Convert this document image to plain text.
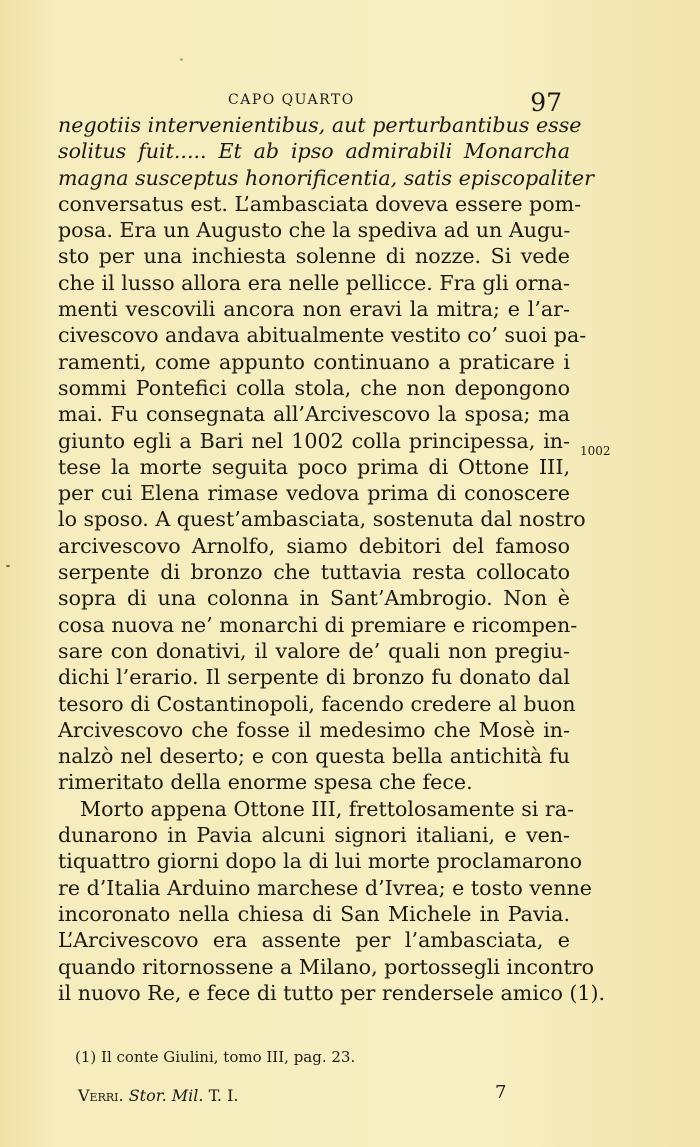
CAPO QUARTO	97
negotiis intervenientibus, aut perturbantibus esse
solitus fuit..... Et ab ipso admirabili Monarcha
magna susceptus honorificentia, satis episcopaliter
conversatus est. L’ambasciata doveva essere pom-
posa. Era un Augusto che la spediva ad un Augu-
sto per una inchiesta solenne di nozze. Si vede
che il lusso allora era nelle pellicce. Fra gli orna-
menti vescovili ancora non eravi la mitra; e l’ar-
civescovo andava abitualmente vestito co’ suoi pa-
ramenti, come appunto continuano a praticare i
sommi Pontefici colla stola, che non depongono
mai. Fu consegnata all’Arcivescovo la sposa; ma
giunto egli a Bari nel 1002 colla principessa, in-
tese la morte seguita poco prima di Ottone III,
per cui Elena rimase vedova prima di conoscere
lo sposo. A quest’ambasciata, sostenuta dal nostro
arcivescovo Arnolfo, siamo debitori del famoso
serpente di bronzo che tuttavia resta collocato
sopra di una colonna in Sant’Ambrogio. Non è
cosa nuova ne’ monarchi di premiare e ricompen-
sare con donativi, il valore de’ quali non pregiu-
dichi l’erario. Il serpente di bronzo fu donato dal
tesoro di Costantinopoli, facendo credere al buon
Arcivescovo che fosse il medesimo che Mosè in-
nalzò nel deserto; e con questa bella antichità fu
rimeritato della enorme spesa che fece.
Morto appena Ottone III, frettolosamente si ra-
dunarono in Pavia alcuni signori italiani, e ven-
tiquattro giorni dopo la di lui morte proclamarono
re d’Italia Arduino marchese d’Ivrea; e tosto venne
incoronato nella chiesa di San Michele in Pavia.
L’Arcivescovo era assente per l’ambasciata, e
quando ritornossene a Milano, portossegli incontro
il nuovo Re, e fece di tutto per rendersele amico (1).
1002
(1) Il conte Giulini, tomo III, pag. 23.
Verri. Stor. Mil. T. I.	7
